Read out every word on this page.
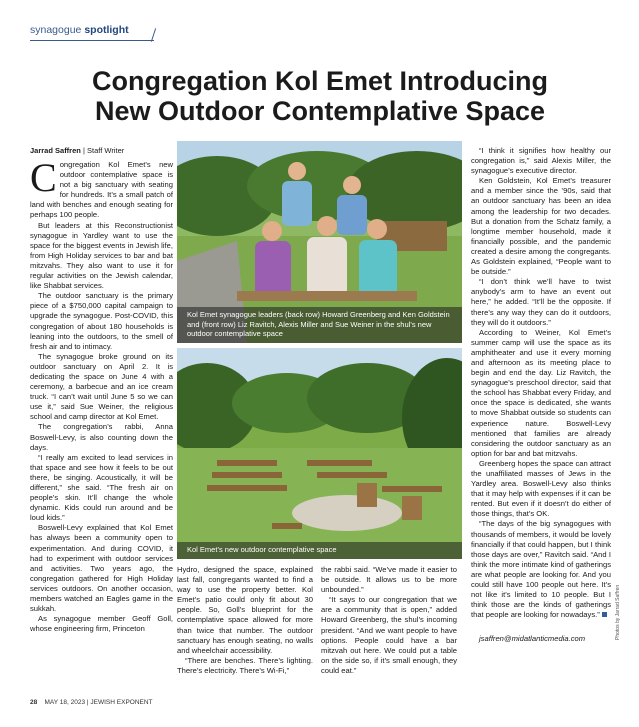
synagogue spotlight
Congregation Kol Emet Introducing
New Outdoor Contemplative Space
Jarrad Saffren | Staff Writer

Congregation Kol Emet’s new outdoor contemplative space is not a big sanctuary with seating for hundreds. It’s a small patch of land with benches and enough seating for perhaps 100 people.

But leaders at this Reconstructionist synagogue in Yardley want to use the space for the biggest events in Jewish life, from High Holiday services to bar and bat mitzvahs. They also want to use it for regular activities on the Jewish calendar, like Shabbat services.

The outdoor sanctuary is the primary piece of a $750,000 capital campaign to upgrade the synagogue. Post-COVID, this congregation of about 180 households is leaning into the outdoors, to the smell of fresh air and to intimacy.

The synagogue broke ground on its outdoor sanctuary on April 2. It is dedicating the space on June 4 with a ceremony, a barbecue and an ice cream truck. “I can’t wait until June 5 so we can use it,” said Sue Weiner, the religious school and camp director at Kol Emet.

The congregation’s rabbi, Anna Boswell-Levy, is also counting down the days.

“I really am excited to lead services in that space and see how it feels to be out there, be singing. Acoustically, it will be different,” she said. “The fresh air on people’s skin. It’ll change the whole dynamic. Kids could run around and be loud kids.”

Boswell-Levy explained that Kol Emet has always been a community open to experimentation. And during COVID, it had to experiment with outdoor services and activities. Two years ago, the congregation gathered for High Holiday services outdoors. On another occasion, members watched an Eagles game in the sukkah.

As synagogue member Geoff Goll, whose engineering firm, Princeton

Kol Emet synagogue leaders (back row) Howard Greenberg and Ken Goldstein and (front row) Liz Ravitch, Alexis Miller and Sue Weiner in the shul’s new outdoor contemplative space
Kol Emet’s new outdoor contemplative space

Hydro, designed the space, explained last fall, congregants wanted to find a way to use the property better. Kol Emet’s patio could only fit about 30 people. So, Goll’s blueprint for the contemplative space allowed for more than twice that number. The outdoor sanctuary has enough seating, no walls and wheelchair accessibility.

“There are benches. There’s lighting. There’s electricity. There’s Wi-Fi,”

the rabbi said. “We’ve made it easier to be outside. It allows us to be more unbounded.”

“It says to our congregation that we are a community that is open,” added Howard Greenberg, the shul’s incoming president. “And we want people to have options. People could have a bar mitzvah out here. We could put a table on the side so, if it’s small enough, they could eat.”

“I think it signifies how healthy our congregation is,” said Alexis Miller, the synagogue’s executive director.

Ken Goldstein, Kol Emet’s treasurer and a member since the ’90s, said that an outdoor sanctuary has been an idea among the leadership for two decades. But a donation from the Schatz family, a longtime member household, made it financially possible, and the pandemic created a desire among the congregants. As Goldstein explained, “People want to be outside.”

“I don’t think we’ll have to twist anybody’s arm to have an event out here,” he added. “It’ll be the opposite. If there’s any way they can do it outdoors, they will do it outdoors.”

According to Weiner, Kol Emet’s summer camp will use the space as its amphitheater and use it every morning and afternoon as its meeting place to begin and end the day. Liz Ravitch, the synagogue’s preschool director, said that the school has Shabbat every Friday, and once the space is dedicated, she wants to move Shabbat outside so students can experience nature. Boswell-Levy mentioned that families are already considering the outdoor sanctuary as an option for bar and bat mitzvahs.

Greenberg hopes the space can attract the unaffiliated masses of Jews in the Yardley area. Boswell-Levy also thinks that it may help with expenses if it can be rented. But even if it doesn’t do either of those things, that’s OK.

“The days of the big synagogues with thousands of members, it would be lovely financially if that could happen, but I think those days are over,” Ravitch said. “And I think the more intimate kind of gatherings are what people are looking for. And you could still have 100 people out here. It’s not like it’s limited to 10 people. But I think those are the kinds of gatherings that people are looking for nowadays.”

jsaffren@midatlanticmedia.com	Photos by Jarrad Saffren
28 MAY 18, 2023 | JEWISH EXPONENT
